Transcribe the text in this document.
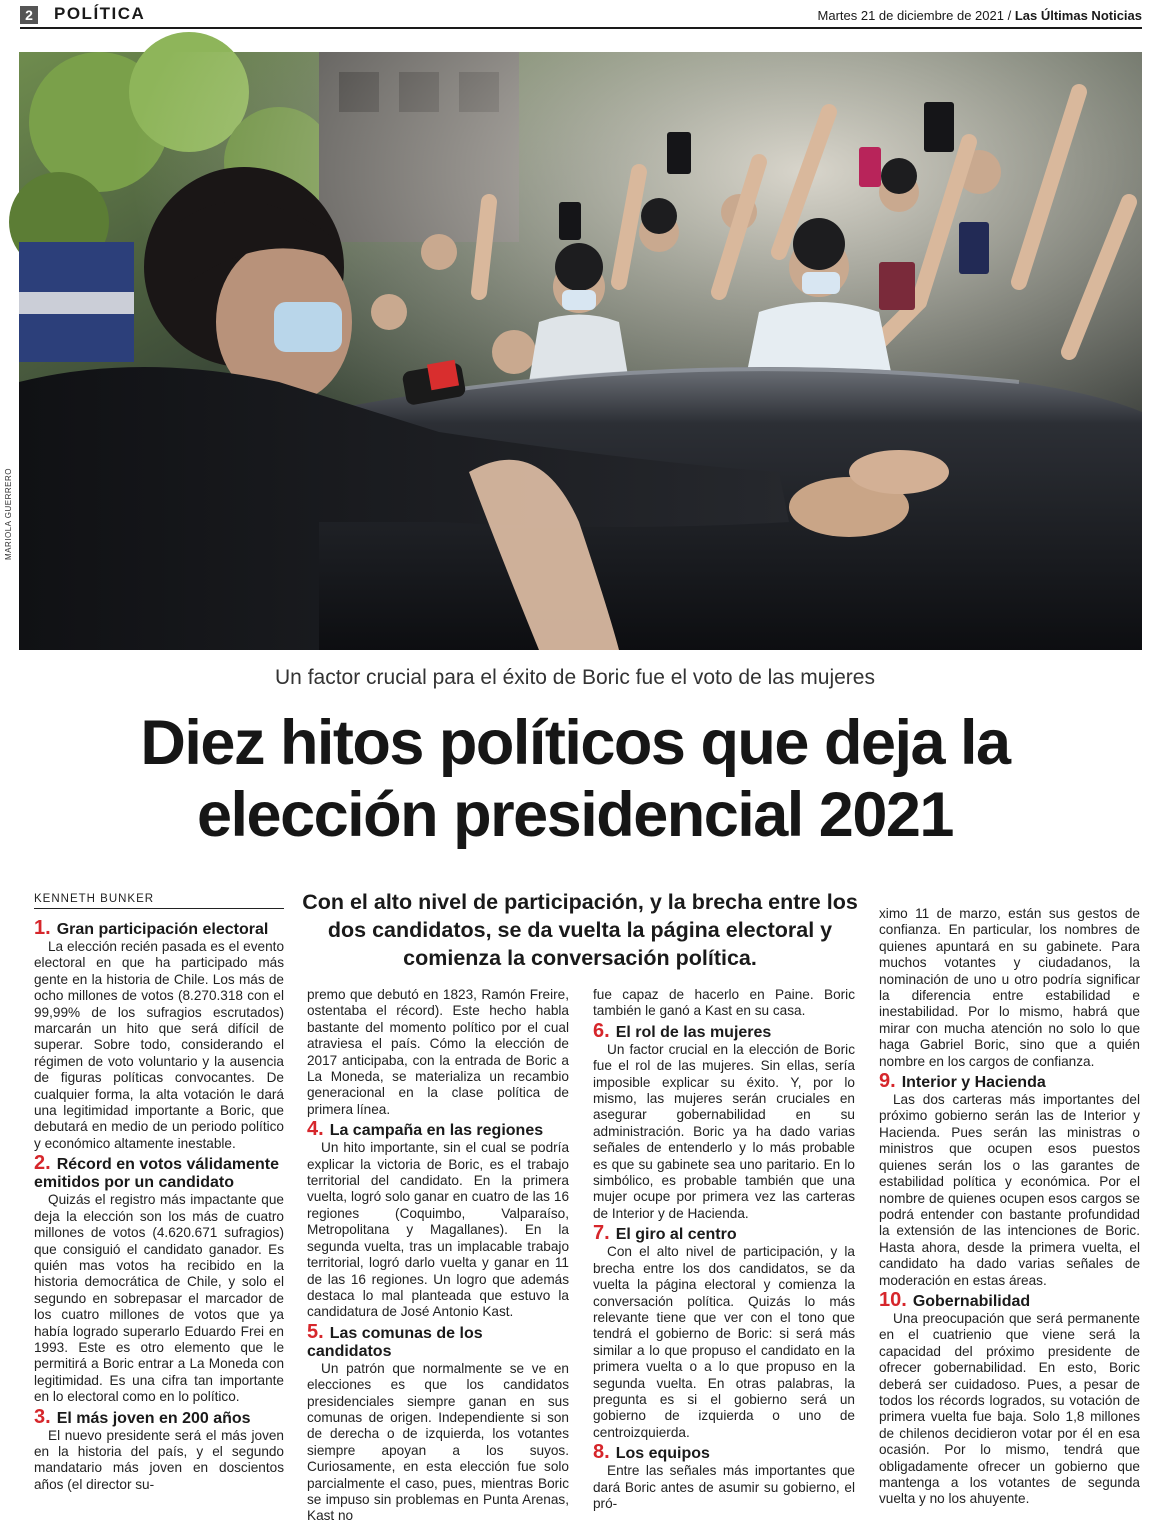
2	POLÍTICA	Martes 21 de diciembre de 2021 / Las Últimas Noticias
MARIOLA GUERRERO
Un factor crucial para el éxito de Boric fue el voto de las mujeres
Diez hitos políticos que deja la elección presidencial 2021
Con el alto nivel de participación, y la brecha entre los dos candidatos, se da vuelta la página electoral y comienza la conversación política.
KENNETH BUNKER
1. Gran participación electoral

La elección recién pasada es el evento electoral en que ha participado más gente en la historia de Chile. Los más de ocho millones de votos (8.270.318 con el 99,99% de los sufragios escrutados) marcarán un hito que será difícil de superar. Sobre todo, considerando el régimen de voto voluntario y la ausencia de figuras políticas convocantes. De cualquier forma, la alta votación le dará una legitimidad importante a Boric, que debutará en medio de un periodo político y económico altamente inestable.

2. Récord en votos válidamente emitidos por un candidato

Quizás el registro más impactante que deja la elección son los más de cuatro millones de votos (4.620.671 sufragios) que consiguió el candidato ganador. Es quién mas votos ha recibido en la historia democrática de Chile, y solo el segundo en sobrepasar el marcador de los cuatro millones de votos que ya había logrado superarlo Eduardo Frei en 1993. Este es otro elemento que le permitirá a Boric entrar a La Moneda con legitimidad. Es una cifra tan importante en lo electoral como en lo político.

3. El más joven en 200 años

El nuevo presidente será el más joven en la historia del país, y el segundo mandatario más joven en doscientos años (el director su-

premo que debutó en 1823, Ramón Freire, ostentaba el récord). Este hecho habla bastante del momento político por el cual atraviesa el país. Cómo la elección de 2017 anticipaba, con la entrada de Boric a La Moneda, se materializa un recambio generacional en la clase política de primera línea.

4. La campaña en las regiones

Un hito importante, sin el cual se podría explicar la victoria de Boric, es el trabajo territorial del candidato. En la primera vuelta, logró solo ganar en cuatro de las 16 regiones (Coquimbo, Valparaíso, Metropolitana y Magallanes). En la segunda vuelta, tras un implacable trabajo territorial, logró darlo vuelta y ganar en 11 de las 16 regiones. Un logro que además destaca lo mal planteada que estuvo la candidatura de José Antonio Kast.

5. Las comunas de los candidatos

Un patrón que normalmente se ve en elecciones es que los candidatos presidenciales siempre ganan en sus comunas de origen. Independiente si son de derecha o de izquierda, los votantes siempre apoyan a los suyos. Curiosamente, en esta elección fue solo parcialmente el caso, pues, mientras Boric se impuso sin problemas en Punta Arenas, Kast no

fue capaz de hacerlo en Paine. Boric también le ganó a Kast en su casa.

6. El rol de las mujeres

Un factor crucial en la elección de Boric fue el rol de las mujeres. Sin ellas, sería imposible explicar su éxito. Y, por lo mismo, las mujeres serán cruciales en asegurar gobernabilidad en su administración. Boric ya ha dado varias señales de entenderlo y lo más probable es que su gabinete sea uno paritario. En lo simbólico, es probable también que una mujer ocupe por primera vez las carteras de Interior y de Hacienda.

7. El giro al centro

Con el alto nivel de participación, y la brecha entre los dos candidatos, se da vuelta la página electoral y comienza la conversación política. Quizás lo más relevante tiene que ver con el tono que tendrá el gobierno de Boric: si será más similar a lo que propuso el candidato en la primera vuelta o a lo que propuso en la segunda vuelta. En otras palabras, la pregunta es si el gobierno será un gobierno de izquierda o uno de centroizquierda.

8. Los equipos

Entre las señales más importantes que dará Boric antes de asumir su gobierno, el pró-

ximo 11 de marzo, están sus gestos de confianza. En particular, los nombres de quienes apuntará en su gabinete. Para muchos votantes y ciudadanos, la nominación de uno u otro podría significar la diferencia entre estabilidad e inestabilidad. Por lo mismo, habrá que mirar con mucha atención no solo lo que haga Gabriel Boric, sino que a quién nombre en los cargos de confianza.

9. Interior y Hacienda

Las dos carteras más importantes del próximo gobierno serán las de Interior y Hacienda. Pues serán las ministras o ministros que ocupen esos puestos quienes serán los o las garantes de estabilidad política y económica. Por el nombre de quienes ocupen esos cargos se podrá entender con bastante profundidad la extensión de las intenciones de Boric. Hasta ahora, desde la primera vuelta, el candidato ha dado varias señales de moderación en estas áreas.

10. Gobernabilidad

Una preocupación que será permanente en el cuatrienio que viene será la capacidad del próximo presidente de ofrecer gobernabilidad. En esto, Boric deberá ser cuidadoso. Pues, a pesar de todos los récords logrados, su votación de primera vuelta fue baja. Solo 1,8 millones de chilenos decidieron votar por él en esa ocasión. Por lo mismo, tendrá que obligadamente ofrecer un gobierno que mantenga a los votantes de segunda vuelta y no los ahuyente.
